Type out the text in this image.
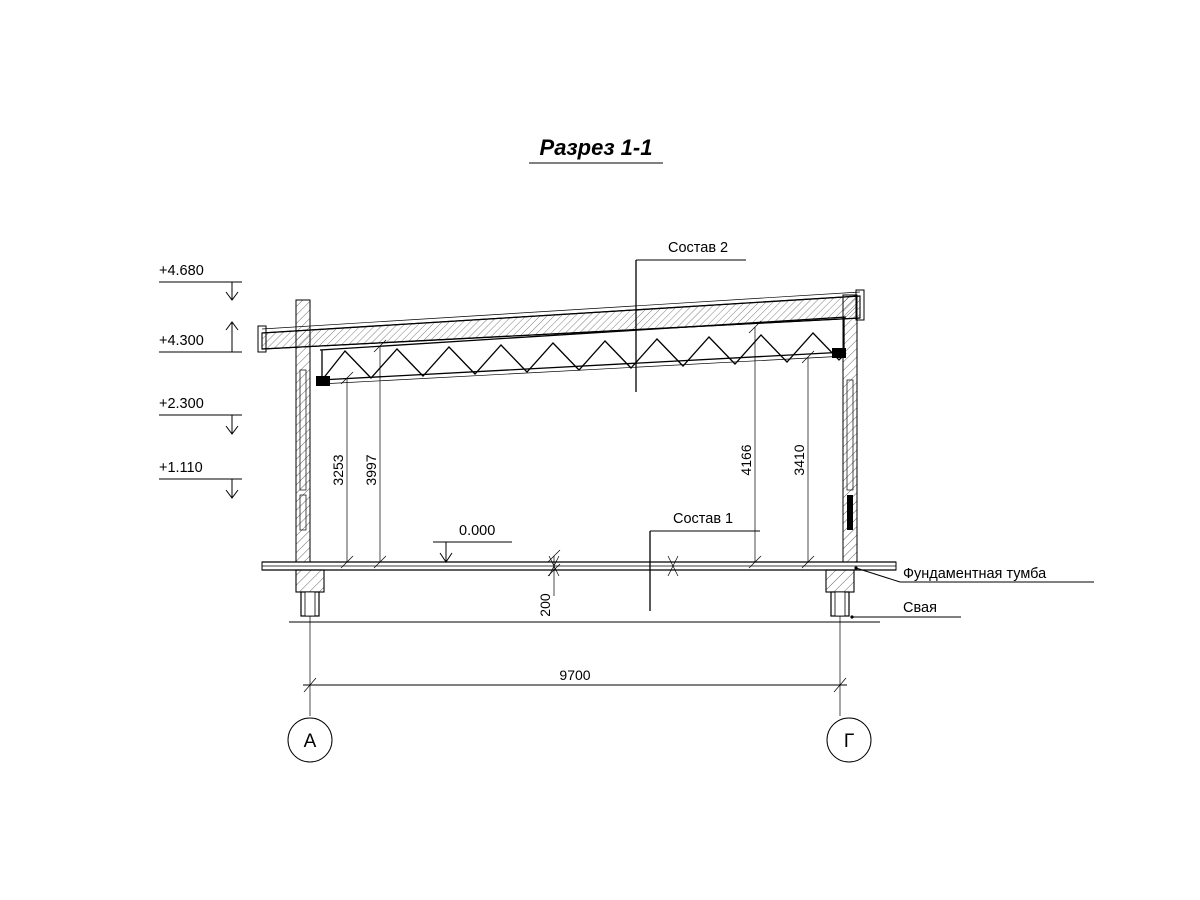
Разрез 1-1
+4.680
+4.300
+2.300
+1.110
0.000
Состав 2
Состав 1
Фундаментная тумба
Свая
3253 3997	4166	3410
200
9700
А	Г
